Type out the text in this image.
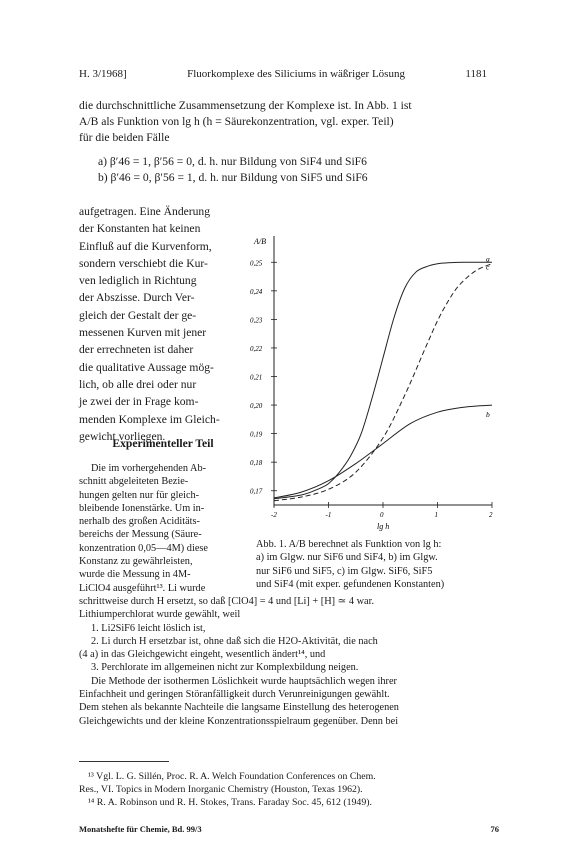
H. 3/1968]	Fluorkomplexe des Siliciums in wäßriger Lösung	1181
die durchschnittliche Zusammensetzung der Komplexe ist. In Abb. 1 ist
A/B als Funktion von lg h (h = Säurekonzentration, vgl. exper. Teil)
für die beiden Fälle
a) β′46 = 1, β′56 = 0, d. h. nur Bildung von SiF4 und SiF6
b) β′46 = 0, β′56 = 1, d. h. nur Bildung von SiF5 und SiF6
aufgetragen. Eine Änderung
der Konstanten hat keinen
Einfluß auf die Kurvenform,
sondern verschiebt die Kur-
ven lediglich in Richtung
der Abszisse. Durch Ver-
gleich der Gestalt der ge-
messenen Kurven mit jener
der errechneten ist daher
die qualitative Aussage mög-
lich, ob alle drei oder nur
je zwei der in Frage kom-
menden Komplexe im Gleich-
gewicht vorliegen.
Experimenteller Teil
Die im vorhergehenden Ab-
schnitt abgeleiteten Bezie-
hungen gelten nur für gleich-
bleibende Ionenstärke. Um in-
nerhalb des großen Aciditäts-
bereichs der Messung (Säure-
konzentration 0,05—4M) diese
Konstanz zu gewährleisten,
wurde die Messung in 4M-
LiClO4 ausgeführt¹³. Li wurde
A/B
0,17
0,18
0,19
0,20
0,21
0,22
0,23
0,24
0,25
-2	-1	0	1	2
lg h
a
b
c
Abb. 1. A/B berechnet als Funktion von lg h:
a) im Glgw. nur SiF6 und SiF4, b) im Glgw.
nur SiF6 und SiF5, c) im Glgw. SiF6, SiF5
und SiF4 (mit exper. gefundenen Konstanten)
schrittweise durch H ersetzt, so daß [ClO4] = 4 und [Li] + [H] ≃ 4 war.
Lithiumperchlorat wurde gewählt, weil
1. Li2SiF6 leicht löslich ist,
2. Li durch H ersetzbar ist, ohne daß sich die H2O-Aktivität, die nach
(4 a) in das Gleichgewicht eingeht, wesentlich ändert¹⁴, und
3. Perchlorate im allgemeinen nicht zur Komplexbildung neigen.
Die Methode der isothermen Löslichkeit wurde hauptsächlich wegen ihrer
Einfachheit und geringen Störanfälligkeit durch Verunreinigungen gewählt.
Dem stehen als bekannte Nachteile die langsame Einstellung des heterogenen
Gleichgewichts und der kleine Konzentrationsspielraum gegenüber. Denn bei
¹³ Vgl. L. G. Sillén, Proc. R. A. Welch Foundation Conferences on Chem.
Res., VI. Topics in Modern Inorganic Chemistry (Houston, Texas 1962).
¹⁴ R. A. Robinson und R. H. Stokes, Trans. Faraday Soc. 45, 612 (1949).
Monatshefte für Chemie, Bd. 99/3	76
